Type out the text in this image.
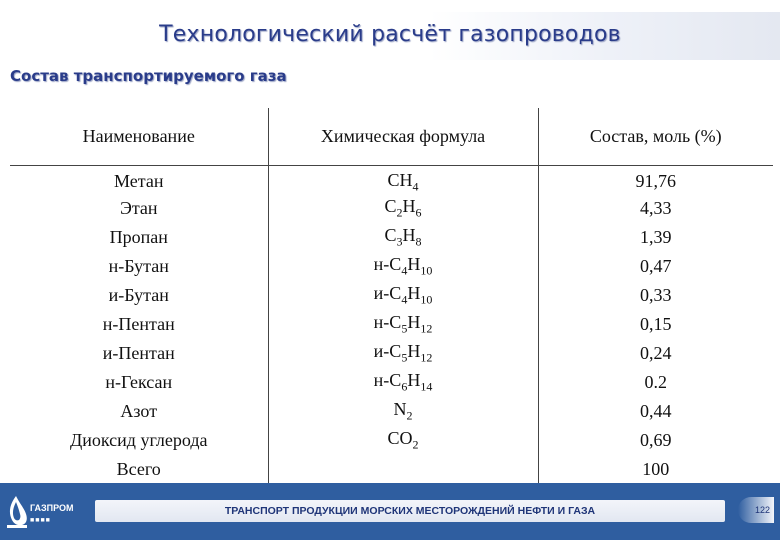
Технологический расчёт газопроводов
Состав транспортируемого газа
Наименование	Химическая формула	Состав, моль (%)
Метан	$CH_4$	91,76
Этан	$C_2H_6$	4,33
Пропан	$C_3H_8$	1,39
н-Бутан	$н-C_4H_{10}$	0,47
и-Бутан	$и-C_4H_{10}$	0,33
н-Пентан	$н-C_5H_{12}$	0,15
и-Пентан	$и-C_5H_{12}$	0,24
н-Гексан	$н-C_6H_{14}$	0.2
Азот	$N_2$	0,44
Диоксид углерода	$CO_2$	0,69
Всего		100
ГАЗПРОМ
■■■■
ТРАНСПОРТ ПРОДУКЦИИ МОРСКИХ МЕСТОРОЖДЕНИЙ НЕФТИ И ГАЗА	122
